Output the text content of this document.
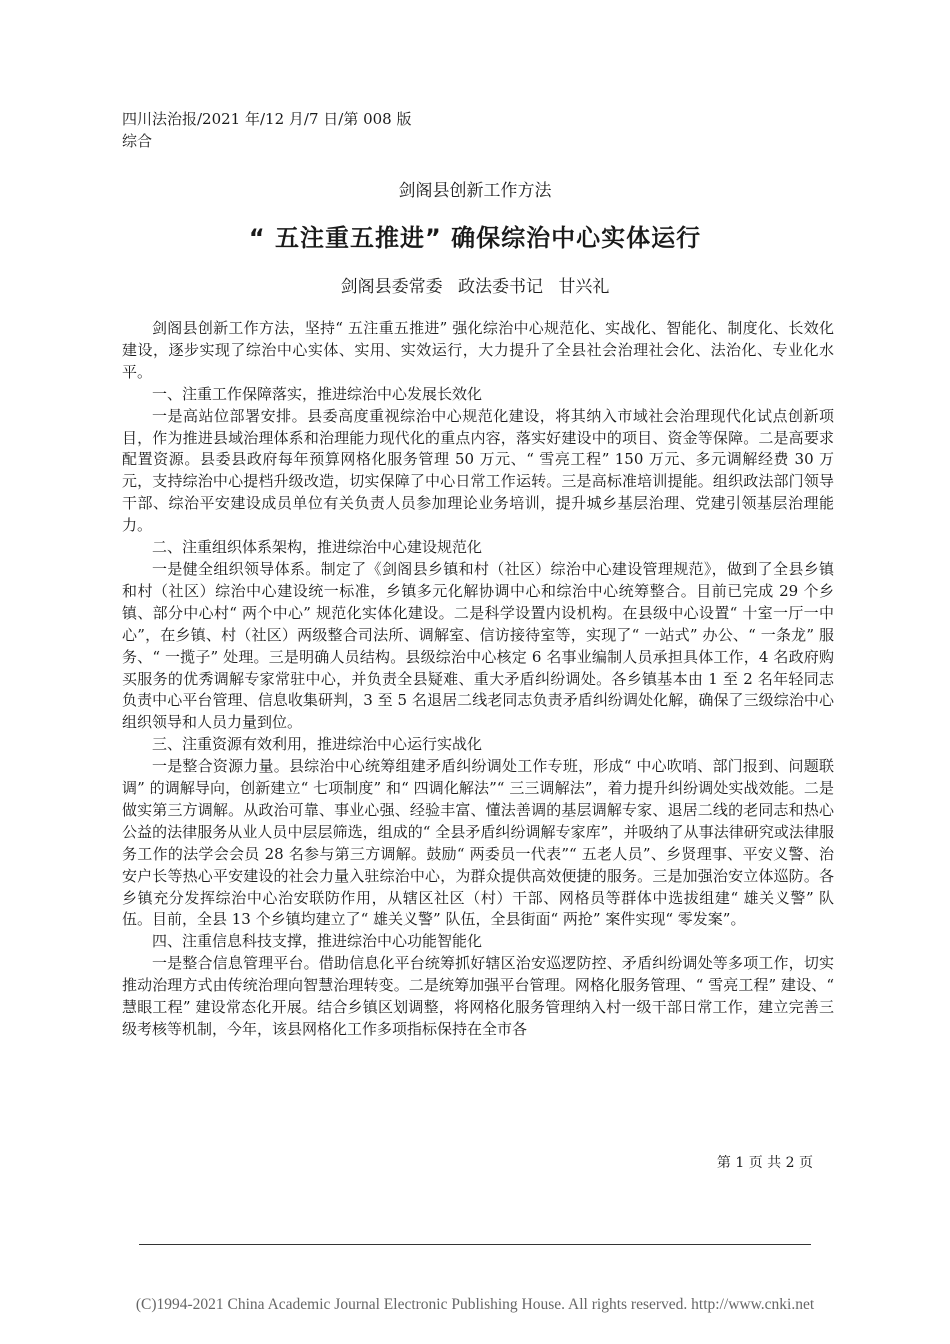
四川法治报/2021 年/12 月/7 日/第 008 版综合
剑阁县创新工作方法
“ 五注重五推进” 确保综治中心实体运行
剑阁县委常委 政法委书记 甘兴礼

剑阁县创新工作方法，坚持“ 五注重五推进” 强化综治中心规范化、实战化、智能化、制度化、长效化建设，逐步实现了综治中心实体、实用、实效运行，大力提升了全县社会治理社会化、法治化、专业化水平。

一、注重工作保障落实，推进综治中心发展长效化

一是高站位部署安排。县委高度重视综治中心规范化建设，将其纳入市域社会治理现代化试点创新项目，作为推进县域治理体系和治理能力现代化的重点内容，落实好建设中的项目、资金等保障。二是高要求配置资源。县委县政府每年预算网格化服务管理 50 万元、“ 雪亮工程” 150 万元、多元调解经费 30 万元，支持综治中心提档升级改造，切实保障了中心日常工作运转。三是高标准培训提能。组织政法部门领导干部、综治平安建设成员单位有关负责人员参加理论业务培训，提升城乡基层治理、党建引领基层治理能力。

二、注重组织体系架构，推进综治中心建设规范化

一是健全组织领导体系。制定了《剑阁县乡镇和村（社区）综治中心建设管理规范》，做到了全县乡镇和村（社区）综治中心建设统一标准，乡镇多元化解协调中心和综治中心统筹整合。目前已完成 29 个乡镇、部分中心村“ 两个中心” 规范化实体化建设。二是科学设置内设机构。在县级中心设置“ 十室一厅一中心”，在乡镇、村（社区）两级整合司法所、调解室、信访接待室等，实现了“ 一站式” 办公、“ 一条龙” 服务、“ 一揽子” 处理。三是明确人员结构。县级综治中心核定 6 名事业编制人员承担具体工作，4 名政府购买服务的优秀调解专家常驻中心，并负责全县疑难、重大矛盾纠纷调处。各乡镇基本由 1 至 2 名年轻同志负责中心平台管理、信息收集研判，3 至 5 名退居二线老同志负责矛盾纠纷调处化解，确保了三级综治中心组织领导和人员力量到位。

三、注重资源有效利用，推进综治中心运行实战化

一是整合资源力量。县综治中心统筹组建矛盾纠纷调处工作专班，形成“ 中心吹哨、部门报到、问题联调” 的调解导向，创新建立“ 七项制度” 和“ 四调化解法”“ 三三调解法”，着力提升纠纷调处实战效能。二是做实第三方调解。从政治可靠、事业心强、经验丰富、懂法善调的基层调解专家、退居二线的老同志和热心公益的法律服务从业人员中层层筛选，组成的“ 全县矛盾纠纷调解专家库”，并吸纳了从事法律研究或法律服务工作的法学会会员 28 名参与第三方调解。鼓励“ 两委员一代表”“ 五老人员”、乡贤理事、平安义警、治安户长等热心平安建设的社会力量入驻综治中心，为群众提供高效便捷的服务。三是加强治安立体巡防。各乡镇充分发挥综治中心治安联防作用，从辖区社区（村）干部、网格员等群体中选拔组建“ 雄关义警” 队伍。目前，全县 13 个乡镇均建立了“ 雄关义警” 队伍，全县街面“ 两抢” 案件实现“ 零发案”。

四、注重信息科技支撑，推进综治中心功能智能化

一是整合信息管理平台。借助信息化平台统筹抓好辖区治安巡逻防控、矛盾纠纷调处等多项工作，切实推动治理方式由传统治理向智慧治理转变。二是统筹加强平台管理。网格化服务管理、“ 雪亮工程” 建设、“ 慧眼工程” 建设常态化开展。结合乡镇区划调整，将网格化服务管理纳入村一级干部日常工作，建立完善三级考核等机制，今年，该县网格化工作多项指标保持在全市各

第 1 页 共 2 页
(C)1994-2021 China Academic Journal Electronic Publishing House. All rights reserved. http://www.cnki.net
